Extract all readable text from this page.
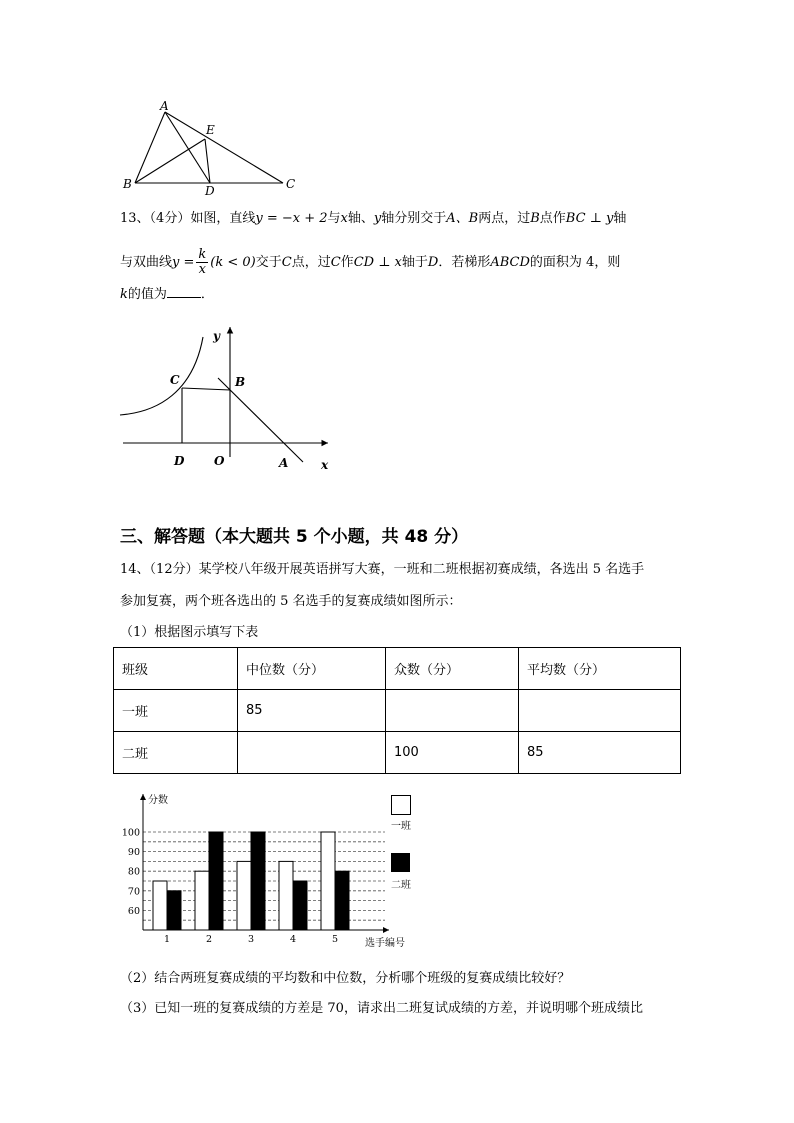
A
E
B	D	C
13、（4分）如图，直线y = −x + 2与x轴、y轴分别交于A、B两点，过B点作BC ⊥ y轴
与双曲线$y = \frac{k}{x} (k < 0)$交于C点，过C作CD ⊥ x轴于D．若梯形ABCD的面积为 4，则
k的值为	．
y
C	B
D O	A	x
三、解答题（本大题共 5 个小题，共 48 分）
14、（12分）某学校八年级开展英语拼写大赛，一班和二班根据初赛成绩，各选出 5 名选手
参加复赛，两个班各选出的 5 名选手的复赛成绩如图所示：
（1）根据图示填写下表
班级	中位数（分）	众数（分）	平均数（分）
一班	85		
二班		100	85
分数
选手编号
60
70
80
90
100
1	2	3	4	5
一班
二班
（2）结合两班复赛成绩的平均数和中位数，分析哪个班级的复赛成绩比较好？
（3）已知一班的复赛成绩的方差是 70，请求出二班复试成绩的方差，并说明哪个班成绩比
